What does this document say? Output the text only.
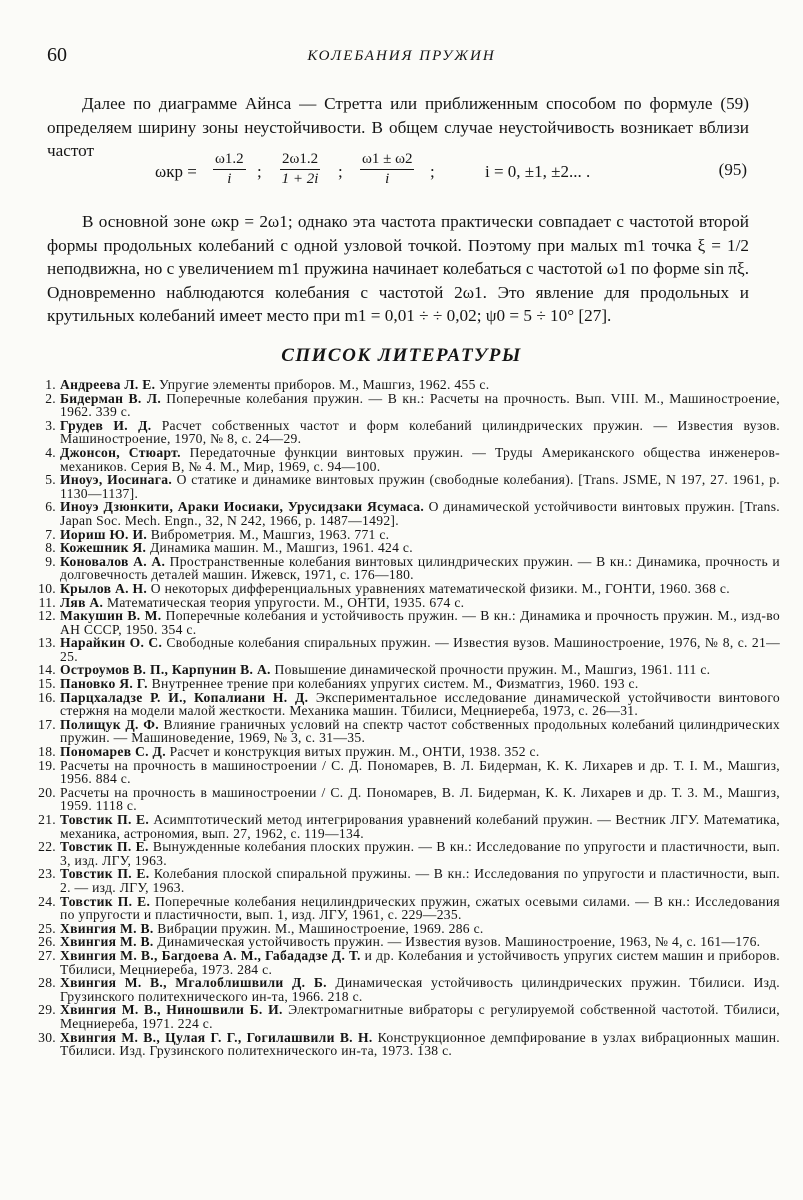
60	КОЛЕБАНИЯ ПРУЖИН

Далее по диаграмме Айнса — Стретта или приближенным способом по формуле (59) определяем ширину зоны неустойчивости. В общем случае неустойчивость возникает вблизи частот

$\omega кр = \frac{\omega 1.2}{i}$ ; $\frac{2\omega 1.2}{1 + 2i}$ ; $\frac{\omega 1 \pm \omega 2}{i}$ ;	i = 0, ±1, ±2... .	(95)

В основной зоне ωкр = 2ω1; однако эта частота практически совпадает с частотой второй формы продольных колебаний с одной узловой точкой. Поэтому при малых m1 точка ξ = 1/2 неподвижна, но с увеличением m1 пружина начинает колебаться с частотой ω1 по форме sin πξ. Одновременно наблюдаются колебания с частотой 2ω1. Это явление для продольных и крутильных колебаний имеет место при m1 = 0,01 ÷ ÷ 0,02; ψ0 = 5 ÷ 10° [27].

СПИСОК ЛИТЕРАТУРЫ
1. Андреева Л. Е. Упругие элементы приборов. М., Машгиз, 1962. 455 с.
2. Бидерман В. Л. Поперечные колебания пружин. — В кн.: Расчеты на прочность. Вып. VIII. М., Машиностроение, 1962. 339 с.
3. Грудев И. Д. Расчет собственных частот и форм колебаний цилиндрических пружин. — Известия вузов. Машиностроение, 1970, № 8, с. 24—29.
4. Джонсон, Стюарт. Передаточные функции винтовых пружин. — Труды Американского общества инженеров-механиков. Серия В, № 4. М., Мир, 1969, с. 94—100.
5. Иноуэ, Иосинага. О статике и динамике винтовых пружин (свободные колебания). [Trans. JSME, N 197, 27. 1961, р. 1130—1137].
6. Иноуэ Дзюнкити, Араки Иосиаки, Урусидзаки Ясумаса. О динамической устойчивости винтовых пружин. [Trans. Japan Soc. Mech. Engn., 32, N 242, 1966, р. 1487—1492].
7. Иориш Ю. И. Виброметрия. М., Машгиз, 1963. 771 с.
8. Кожешник Я. Динамика машин. М., Машгиз, 1961. 424 с.
9. Коновалов А. А. Пространственные колебания винтовых цилиндрических пружин. — В кн.: Динамика, прочность и долговечность деталей машин. Ижевск, 1971, с. 176—180.
10. Крылов А. Н. О некоторых дифференциальных уравнениях математической физики. М., ГОНТИ, 1960. 368 с.
11. Ляв А. Математическая теория упругости. М., ОНТИ, 1935. 674 с.
12. Макушин В. М. Поперечные колебания и устойчивость пружин. — В кн.: Динамика и прочность пружин. М., изд-во АН СССР, 1950. 354 с.
13. Нарайкин О. С. Свободные колебания спиральных пружин. — Известия вузов. Машиностроение, 1976, № 8, с. 21—25.
14. Остроумов В. П., Карпунин В. А. Повышение динамической прочности пружин. М., Машгиз, 1961. 111 с.
15. Пановко Я. Г. Внутреннее трение при колебаниях упругих систем. М., Физматгиз, 1960. 193 с.
16. Парцхаладзе Р. И., Копалиани Н. Д. Экспериментальное исследование динамической устойчивости винтового стержня на модели малой жесткости. Механика машин. Тбилиси, Мецниереба, 1973, с. 26—31.
17. Полищук Д. Ф. Влияние граничных условий на спектр частот собственных продольных колебаний цилиндрических пружин. — Машиноведение, 1969, № 3, с. 31—35.
18. Пономарев С. Д. Расчет и конструкция витых пружин. М., ОНТИ, 1938. 352 с.
19. Расчеты на прочность в машиностроении / С. Д. Пономарев, В. Л. Бидерман, К. К. Лихарев и др. Т. I. М., Машгиз, 1956. 884 с.
20. Расчеты на прочность в машиностроении / С. Д. Пономарев, В. Л. Бидерман, К. К. Лихарев и др. Т. 3. М., Машгиз, 1959. 1118 с.
21. Товстик П. Е. Асимптотический метод интегрирования уравнений колебаний пружин. — Вестник ЛГУ. Математика, механика, астрономия, вып. 27, 1962, с. 119—134.
22. Товстик П. Е. Вынужденные колебания плоских пружин. — В кн.: Исследование по упругости и пластичности, вып. 3, изд. ЛГУ, 1963.
23. Товстик П. Е. Колебания плоской спиральной пружины. — В кн.: Исследования по упругости и пластичности, вып. 2. — изд. ЛГУ, 1963.
24. Товстик П. Е. Поперечные колебания нецилиндрических пружин, сжатых осевыми силами. — В кн.: Исследования по упругости и пластичности, вып. 1, изд. ЛГУ, 1961, с. 229—235.
25. Хвингия М. В. Вибрации пружин. М., Машиностроение, 1969. 286 с.
26. Хвингия М. В. Динамическая устойчивость пружин. — Известия вузов. Машиностроение, 1963, № 4, с. 161—176.
27. Хвингия М. В., Багдоева А. М., Габададзе Д. Т. и др. Колебания и устойчивость упругих систем машин и приборов. Тбилиси, Мецниереба, 1973. 284 с.
28. Хвингия М. В., Мгалоблишвили Д. Б. Динамическая устойчивость цилиндрических пружин. Тбилиси. Изд. Грузинского политехнического ин-та, 1966. 218 с.
29. Хвингия М. В., Ниношвили Б. И. Электромагнитные вибраторы с регулируемой собственной частотой. Тбилиси, Мецниереба, 1971. 224 с.
30. Хвингия М. В., Цулая Г. Г., Гогилашвили В. Н. Конструкционное демпфирование в узлах вибрационных машин. Тбилиси. Изд. Грузинского политехнического ин-та, 1973. 138 с.
